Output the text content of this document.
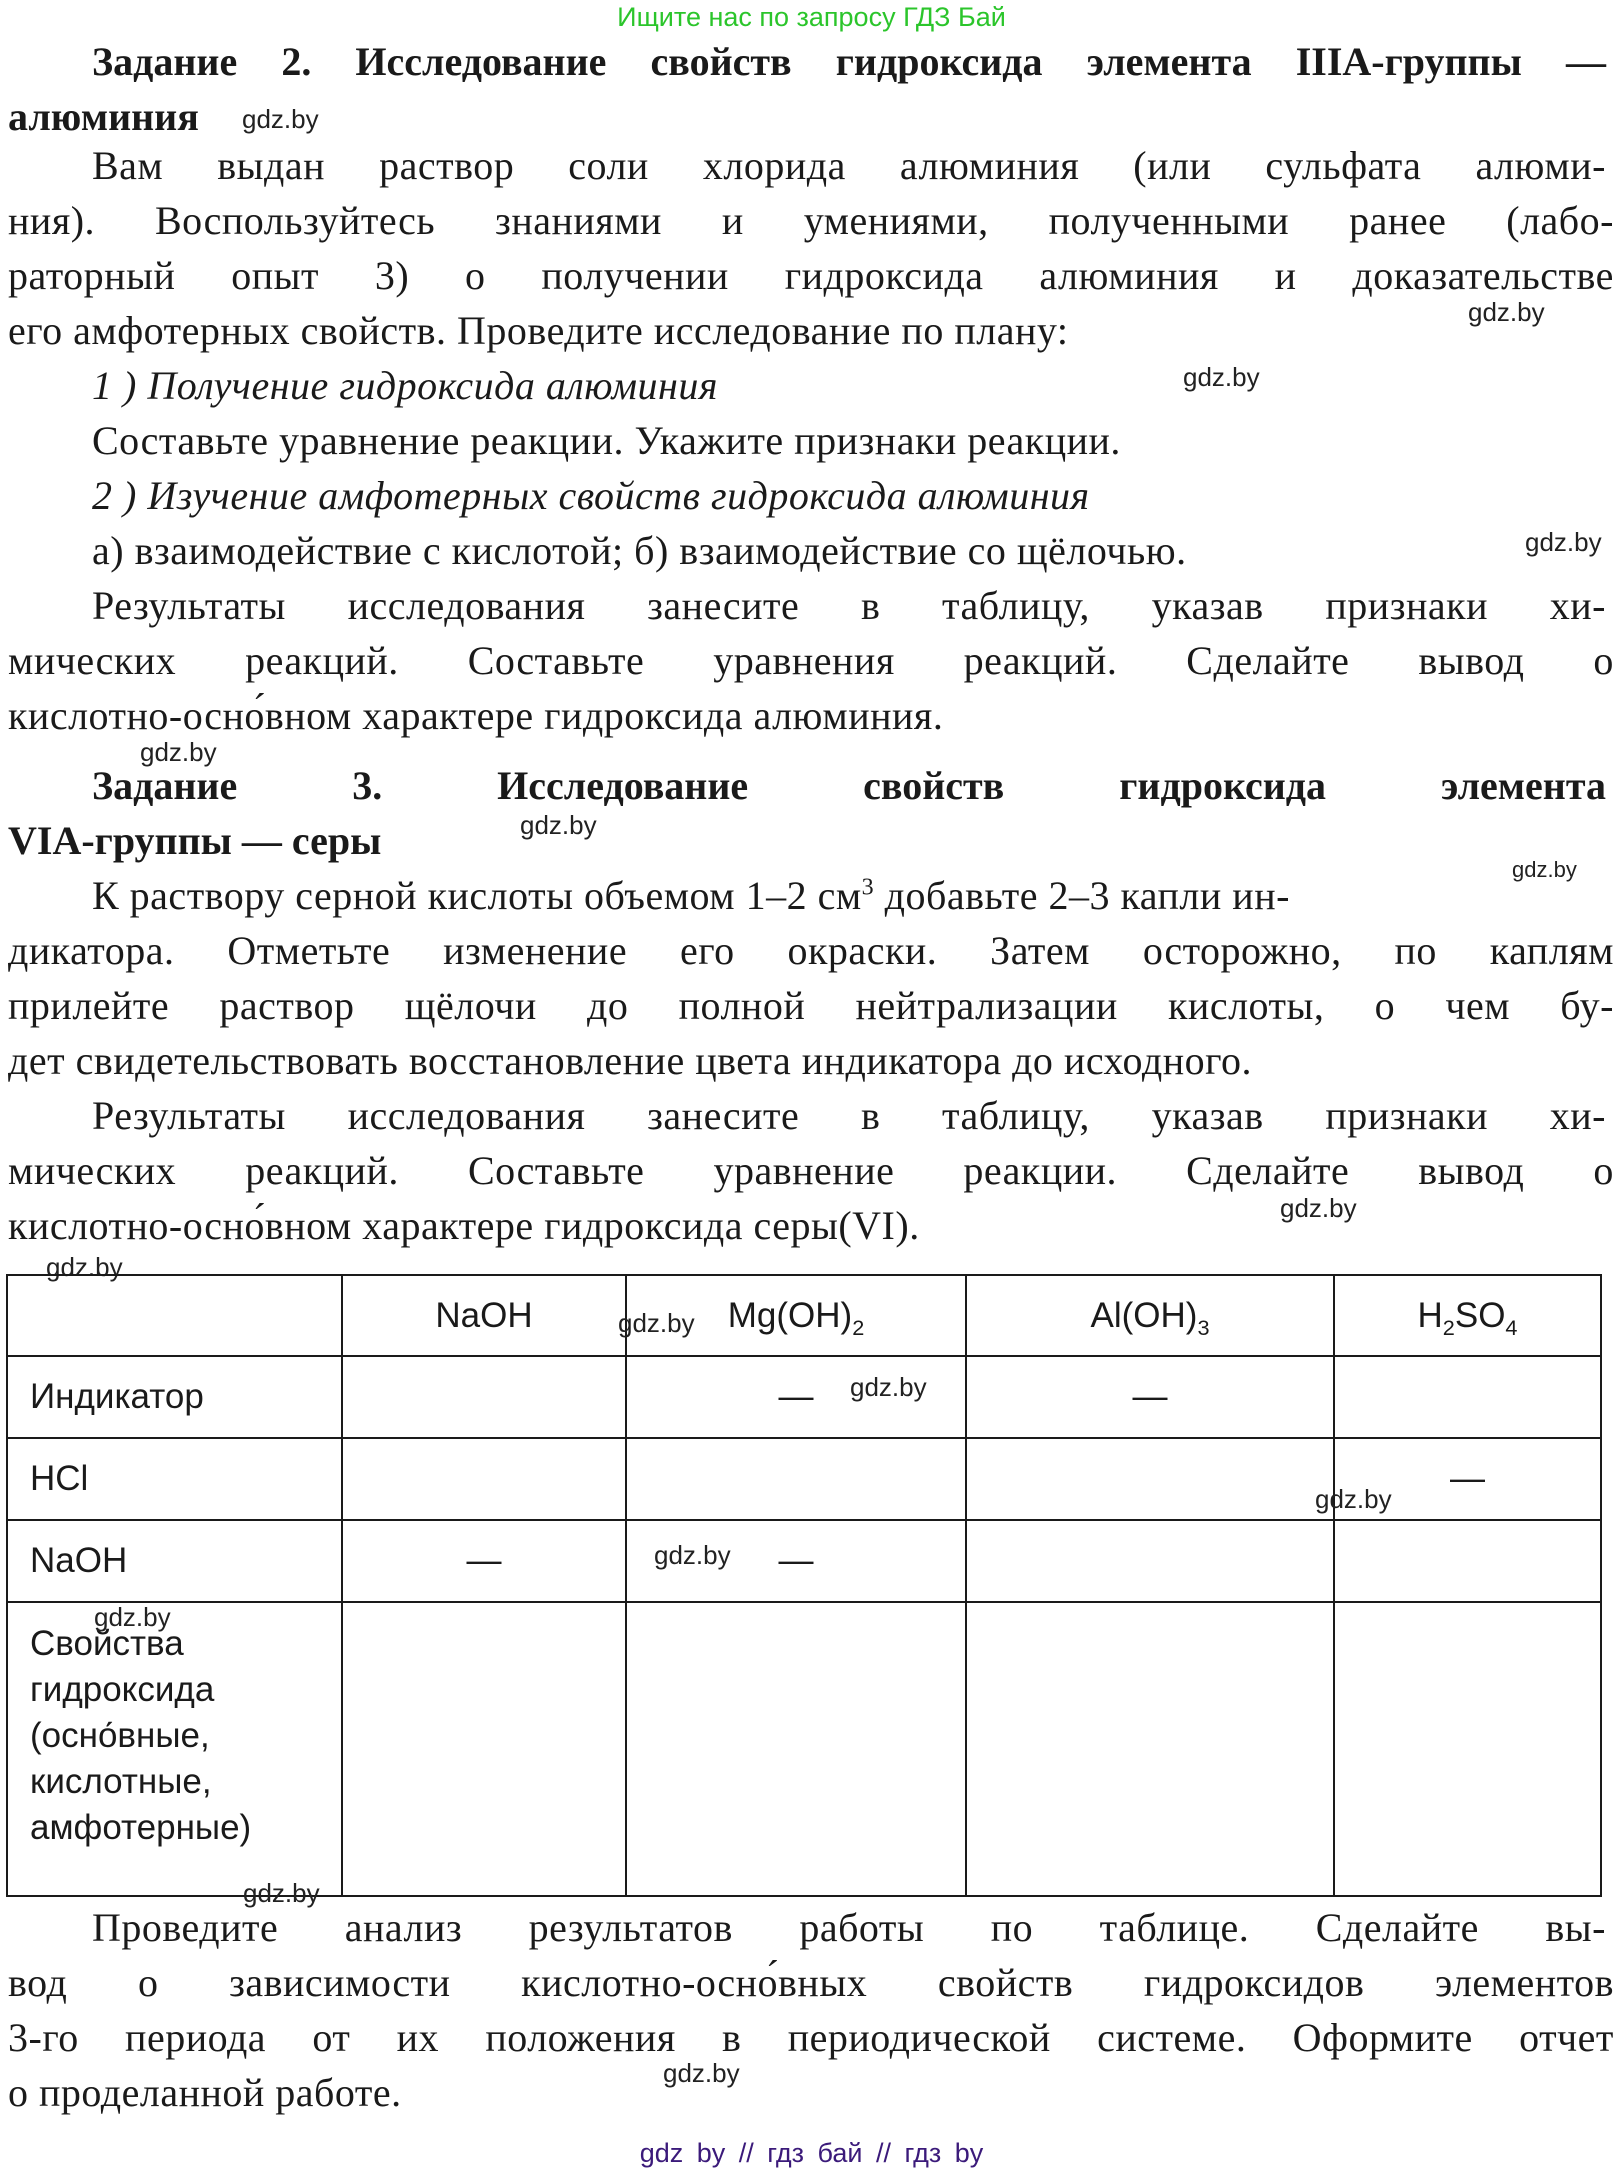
Ищите нас по запросу ГДЗ Бай
Задание 2. Исследование свойств гидроксида элемента IIIA-группы —
алюминия gdz.by
Вам выдан раствор соли хлорида алюминия (или сульфата алюми-
ния). Воспользуйтесь знаниями и умениями, полученными ранее (лабо-
раторный опыт 3) о получении гидроксида алюминия и доказательстве
его амфотерных свойств. Проведите исследование по плану:	gdz.by
1 ) Получение гидроксида алюминия	gdz.by
Составьте уравнение реакции. Укажите признаки реакции.
2 ) Изучение амфотерных свойств гидроксида алюминия
а) взаимодействие с кислотой; б) взаимодействие со щёлочью.	gdz.by
Результаты исследования занесите в таблицу, указав признаки хи-
мических реакций. Составьте уравнения реакций. Сделайте вывод о
кислотно-осно́вном характере гидроксида алюминия.
gdz.by
Задание	3.	Исследование	свойств	гидроксида	элемента
VIA-группы — серы	gdz.by
gdz.by
К раствору серной кислоты объемом 1–2 $см^3$ добавьте 2–3 капли ин-
дикатора. Отметьте изменение его окраски. Затем осторожно, по каплям
прилейте раствор щёлочи до полной нейтрализации кислоты, о чем бу-
дет свидетельствовать восстановление цвета индикатора до исходного.
Результаты исследования занесите в таблицу, указав признаки хи-
мических реакций. Составьте уравнение реакции. Сделайте вывод о
кислотно-осно́вном характере гидроксида серы(VI).	gdz.by
gdz.by
	NaOH	$Mg(OH)_2$	$Al(OH)_3$	$H_2SO_4$
Индикатор		—	—	
HCl				—
NaOH	—	—		

Свойства
гидроксида
(осно́вные,
кислотные,
амфотерные)				

gdz.by
gdz.by
gdz.by
gdz.by
gdz.by
gdz.by
Проведите анализ результатов работы по таблице. Сделайте вы-
вод о зависимости кислотно-осно́вных свойств гидроксидов элементов
3-го периода от их положения в периодической системе. Оформите отчет
о проделанной работе.	gdz.by
gdz by // гдз бай // гдз by
